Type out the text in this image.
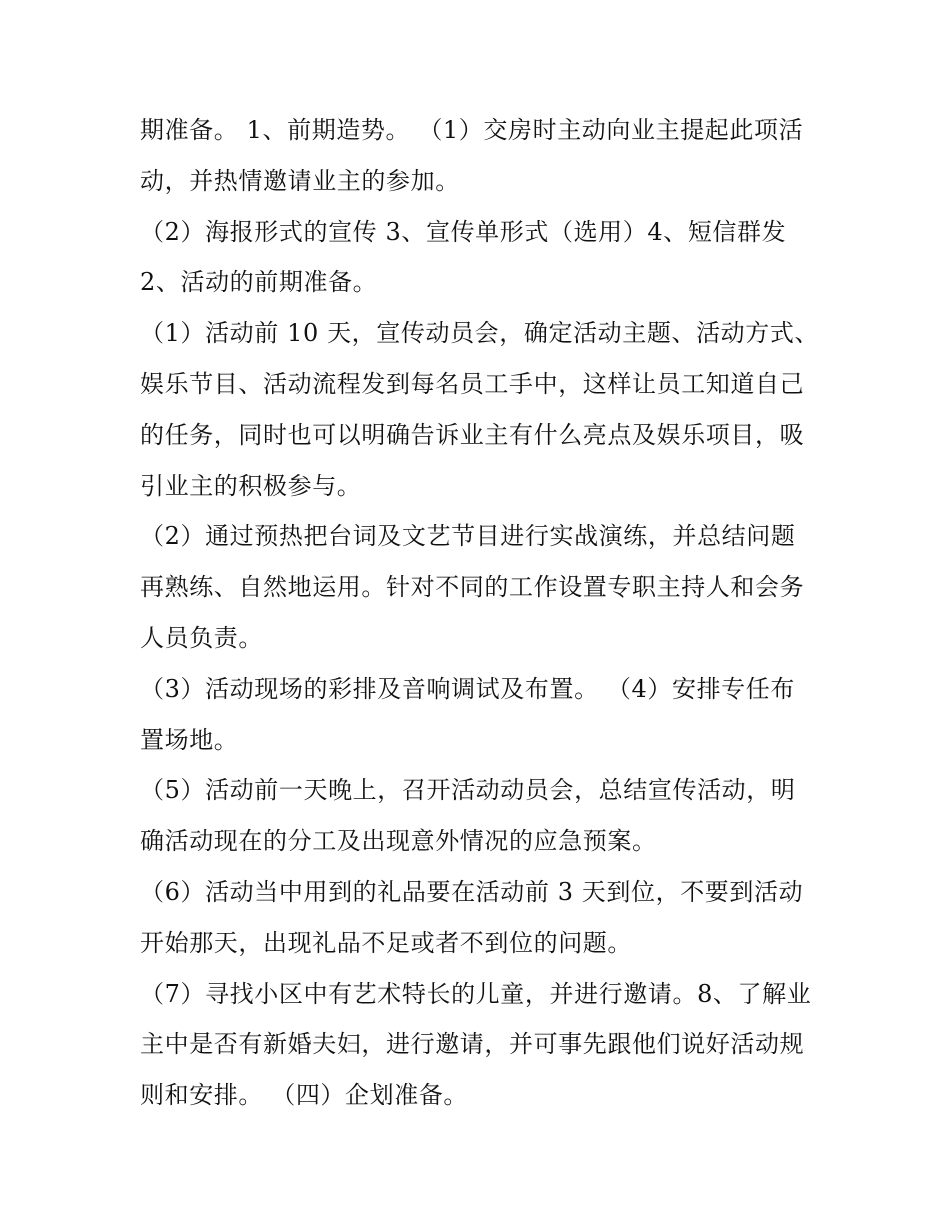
期准备。 1、前期造势。 （1）交房时主动向业主提起此项活
动，并热情邀请业主的参加。
（2）海报形式的宣传 3、宣传单形式（选用）4、短信群发
2、活动的前期准备。
（1）活动前 10 天，宣传动员会，确定活动主题、活动方式、
娱乐节目、活动流程发到每名员工手中，这样让员工知道自己
的任务，同时也可以明确告诉业主有什么亮点及娱乐项目，吸
引业主的积极参与。
（2）通过预热把台词及文艺节目进行实战演练，并总结问题
再熟练、自然地运用。针对不同的工作设置专职主持人和会务
人员负责。
（3）活动现场的彩排及音响调试及布置。 （4）安排专任布
置场地。
（5）活动前一天晚上，召开活动动员会，总结宣传活动，明
确活动现在的分工及出现意外情况的应急预案。
（6）活动当中用到的礼品要在活动前 3 天到位，不要到活动
开始那天，出现礼品不足或者不到位的问题。
（7）寻找小区中有艺术特长的儿童，并进行邀请。8、了解业
主中是否有新婚夫妇，进行邀请，并可事先跟他们说好活动规
则和安排。 （四）企划准备。
